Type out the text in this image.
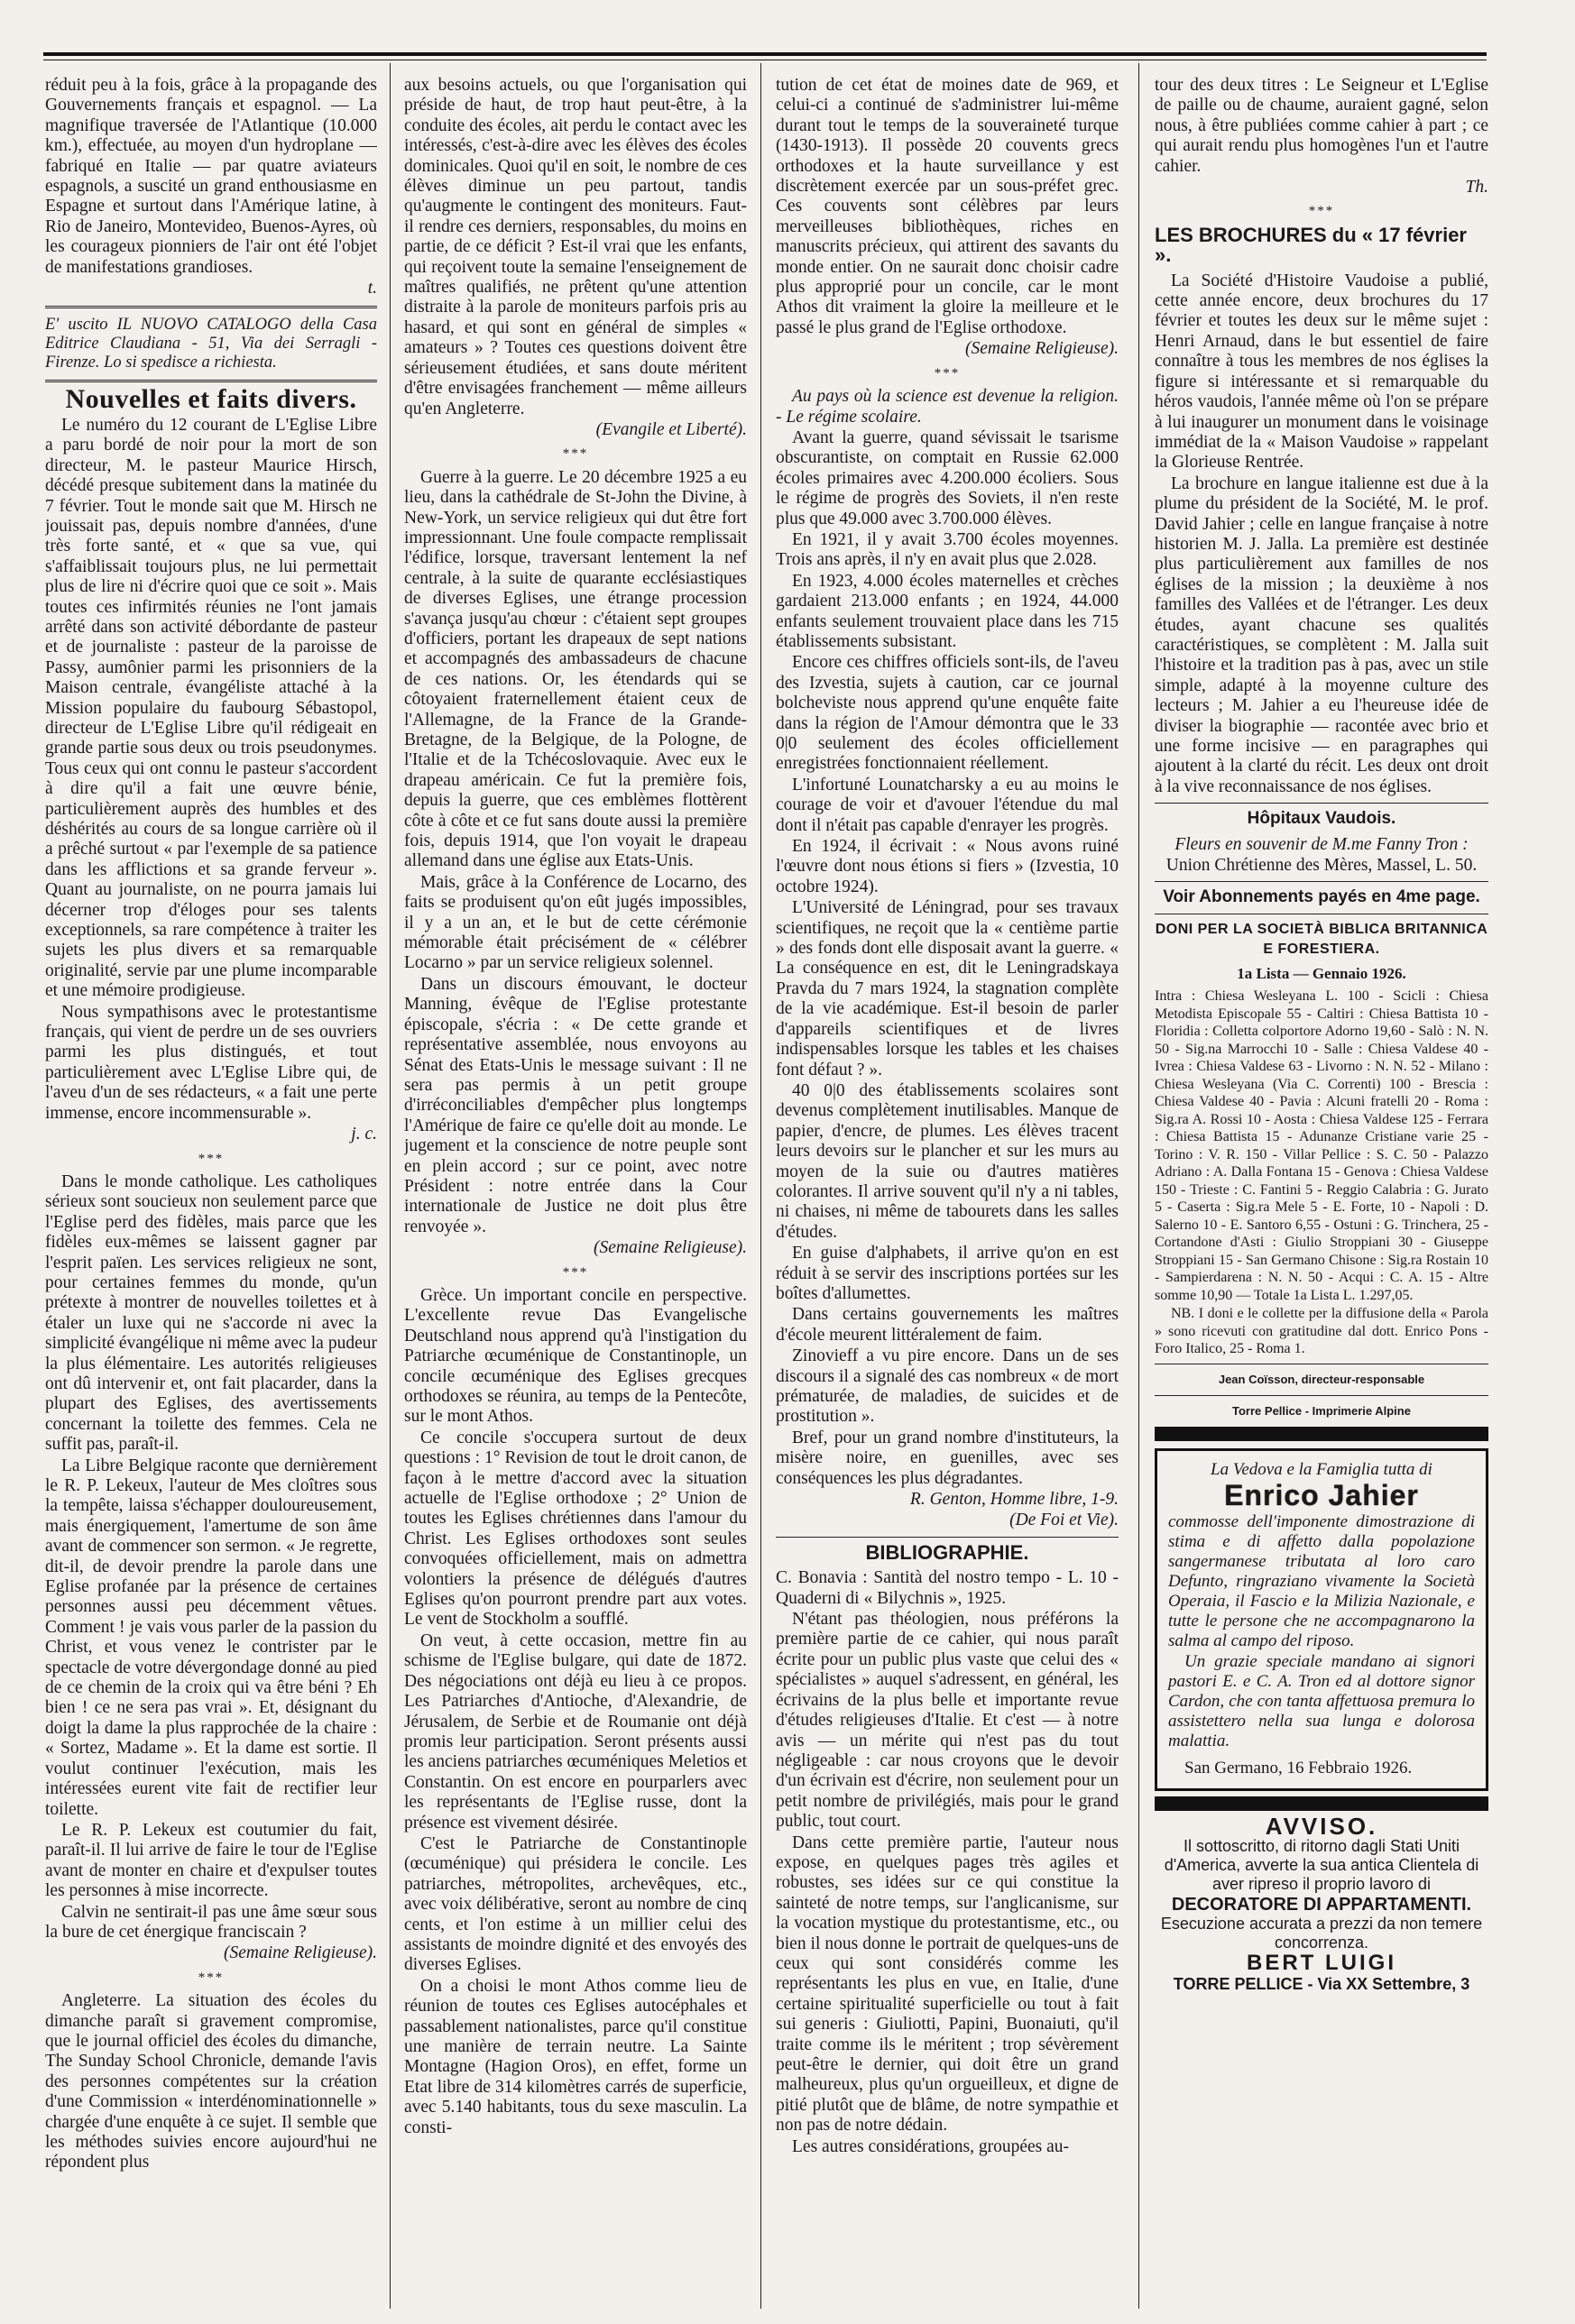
réduit peu à la fois, grâce à la propagande des Gouvernements français et espagnol. — La magnifique traversée de l'Atlantique (10.000 km.), effectuée, au moyen d'un hydroplane — fabriqué en Italie — par quatre aviateurs espagnols, a suscité un grand enthousiasme en Espagne et surtout dans l'Amérique latine, à Rio de Janeiro, Montevideo, Buenos-Ayres, où les courageux pionniers de l'air ont été l'objet de manifestations grandioses.

t.

E' uscito IL NUOVO CATALOGO della Casa Editrice Claudiana - 51, Via dei Serragli - Firenze. Lo si spedisce a richiesta.

Nouvelles et faits divers.

Le numéro du 12 courant de L'Eglise Libre a paru bordé de noir pour la mort de son directeur, M. le pasteur Maurice Hirsch, décédé presque subitement dans la matinée du 7 février. Tout le monde sait que M. Hirsch ne jouissait pas, depuis nombre d'années, d'une très forte santé, et « que sa vue, qui s'affaiblissait toujours plus, ne lui permettait plus de lire ni d'écrire quoi que ce soit ». Mais toutes ces infirmités réunies ne l'ont jamais arrêté dans son activité débordante de pasteur et de journaliste : pasteur de la paroisse de Passy, aumônier parmi les prisonniers de la Maison centrale, évangéliste attaché à la Mission populaire du faubourg Sébastopol, directeur de L'Eglise Libre qu'il rédigeait en grande partie sous deux ou trois pseudonymes. Tous ceux qui ont connu le pasteur s'accordent à dire qu'il a fait une œuvre bénie, particulièrement auprès des humbles et des déshérités au cours de sa longue carrière où il a prêché surtout « par l'exemple de sa patience dans les afflictions et sa grande ferveur ». Quant au journaliste, on ne pourra jamais lui décerner trop d'éloges pour ses talents exceptionnels, sa rare compétence à traiter les sujets les plus divers et sa remarquable originalité, servie par une plume incomparable et une mémoire prodigieuse.

Nous sympathisons avec le protestantisme français, qui vient de perdre un de ses ouvriers parmi les plus distingués, et tout particulièrement avec L'Eglise Libre qui, de l'aveu d'un de ses rédacteurs, « a fait une perte immense, encore incommensurable ».

j. c.

***

Dans le monde catholique. Les catholiques sérieux sont soucieux non seulement parce que l'Eglise perd des fidèles, mais parce que les fidèles eux-mêmes se laissent gagner par l'esprit païen. Les services religieux ne sont, pour certaines femmes du monde, qu'un prétexte à montrer de nouvelles toilettes et à étaler un luxe qui ne s'accorde ni avec la simplicité évangélique ni même avec la pudeur la plus élémentaire. Les autorités religieuses ont dû intervenir et, ont fait placarder, dans la plupart des Eglises, des avertissements concernant la toilette des femmes. Cela ne suffit pas, paraît-il.

La Libre Belgique raconte que dernièrement le R. P. Lekeux, l'auteur de Mes cloîtres sous la tempête, laissa s'échapper douloureusement, mais énergiquement, l'amertume de son âme avant de commencer son sermon. « Je regrette, dit-il, de devoir prendre la parole dans une Eglise profanée par la présence de certaines personnes aussi peu décemment vêtues. Comment ! je vais vous parler de la passion du Christ, et vous venez le contrister par le spectacle de votre dévergondage donné au pied de ce chemin de la croix qui va être béni ? Eh bien ! ce ne sera pas vrai ». Et, désignant du doigt la dame la plus rapprochée de la chaire : « Sortez, Madame ». Et la dame est sortie. Il voulut continuer l'exécution, mais les intéressées eurent vite fait de rectifier leur toilette.

Le R. P. Lekeux est coutumier du fait, paraît-il. Il lui arrive de faire le tour de l'Eglise avant de monter en chaire et d'expulser toutes les personnes à mise incorrecte.

Calvin ne sentirait-il pas une âme sœur sous la bure de cet énergique franciscain ?

(Semaine Religieuse).

***

Angleterre. La situation des écoles du dimanche paraît si gravement compromise, que le journal officiel des écoles du dimanche, The Sunday School Chronicle, demande l'avis des personnes compétentes sur la création d'une Commission « interdénominationnelle » chargée d'une enquête à ce sujet. Il semble que les méthodes suivies encore aujourd'hui ne répondent plus

aux besoins actuels, ou que l'organisation qui préside de haut, de trop haut peut-être, à la conduite des écoles, ait perdu le contact avec les intéressés, c'est-à-dire avec les élèves des écoles dominicales. Quoi qu'il en soit, le nombre de ces élèves diminue un peu partout, tandis qu'augmente le contingent des moniteurs. Faut-il rendre ces derniers, responsables, du moins en partie, de ce déficit ? Est-il vrai que les enfants, qui reçoivent toute la semaine l'enseignement de maîtres qualifiés, ne prêtent qu'une attention distraite à la parole de moniteurs parfois pris au hasard, et qui sont en général de simples « amateurs » ? Toutes ces questions doivent être sérieusement étudiées, et sans doute méritent d'être envisagées franchement — même ailleurs qu'en Angleterre.

(Evangile et Liberté).

***

Guerre à la guerre. Le 20 décembre 1925 a eu lieu, dans la cathédrale de St-John the Divine, à New-York, un service religieux qui dut être fort impressionnant. Une foule compacte remplissait l'édifice, lorsque, traversant lentement la nef centrale, à la suite de quarante ecclésiastiques de diverses Eglises, une étrange procession s'avança jusqu'au chœur : c'étaient sept groupes d'officiers, portant les drapeaux de sept nations et accompagnés des ambassadeurs de chacune de ces nations. Or, les étendards qui se côtoyaient fraternellement étaient ceux de l'Allemagne, de la France de la Grande-Bretagne, de la Belgique, de la Pologne, de l'Italie et de la Tchécoslovaquie. Avec eux le drapeau américain. Ce fut la première fois, depuis la guerre, que ces emblèmes flottèrent côte à côte et ce fut sans doute aussi la première fois, depuis 1914, que l'on voyait le drapeau allemand dans une église aux Etats-Unis.

Mais, grâce à la Conférence de Locarno, des faits se produisent qu'on eût jugés impossibles, il y a un an, et le but de cette cérémonie mémorable était précisément de « célébrer Locarno » par un service religieux solennel.

Dans un discours émouvant, le docteur Manning, évêque de l'Eglise protestante épiscopale, s'écria : « De cette grande et représentative assemblée, nous envoyons au Sénat des Etats-Unis le message suivant : Il ne sera pas permis à un petit groupe d'irréconciliables d'empêcher plus longtemps l'Amérique de faire ce qu'elle doit au monde. Le jugement et la conscience de notre peuple sont en plein accord ; sur ce point, avec notre Président : notre entrée dans la Cour internationale de Justice ne doit plus être renvoyée ».

(Semaine Religieuse).

***

Grèce. Un important concile en perspective. L'excellente revue Das Evangelische Deutschland nous apprend qu'à l'instigation du Patriarche œcuménique de Constantinople, un concile œcuménique des Eglises grecques orthodoxes se réunira, au temps de la Pentecôte, sur le mont Athos.

Ce concile s'occupera surtout de deux questions : 1° Revision de tout le droit canon, de façon à le mettre d'accord avec la situation actuelle de l'Eglise orthodoxe ; 2° Union de toutes les Eglises chrétiennes dans l'amour du Christ. Les Eglises orthodoxes sont seules convoquées officiellement, mais on admettra volontiers la présence de délégués d'autres Eglises qu'on pourront prendre part aux votes. Le vent de Stockholm a soufflé.

On veut, à cette occasion, mettre fin au schisme de l'Eglise bulgare, qui date de 1872. Des négociations ont déjà eu lieu à ce propos. Les Patriarches d'Antioche, d'Alexandrie, de Jérusalem, de Serbie et de Roumanie ont déjà promis leur participation. Seront présents aussi les anciens patriarches œcuméniques Meletios et Constantin. On est encore en pourparlers avec les représentants de l'Eglise russe, dont la présence est vivement désirée.

C'est le Patriarche de Constantinople (œcuménique) qui présidera le concile. Les patriarches, métropolites, archevêques, etc., avec voix délibérative, seront au nombre de cinq cents, et l'on estime à un millier celui des assistants de moindre dignité et des envoyés des diverses Eglises.

On a choisi le mont Athos comme lieu de réunion de toutes ces Eglises autocéphales et passablement nationalistes, parce qu'il constitue une manière de terrain neutre. La Sainte Montagne (Hagion Oros), en effet, forme un Etat libre de 314 kilomètres carrés de superficie, avec 5.140 habitants, tous du sexe masculin. La consti-

tution de cet état de moines date de 969, et celui-ci a continué de s'administrer lui-même durant tout le temps de la souveraineté turque (1430-1913). Il possède 20 couvents grecs orthodoxes et la haute surveillance y est discrètement exercée par un sous-préfet grec. Ces couvents sont célèbres par leurs merveilleuses bibliothèques, riches en manuscrits précieux, qui attirent des savants du monde entier. On ne saurait donc choisir cadre plus approprié pour un concile, car le mont Athos dit vraiment la gloire la meilleure et le passé le plus grand de l'Eglise orthodoxe.

(Semaine Religieuse).

***

Au pays où la science est devenue la religion. - Le régime scolaire.

Avant la guerre, quand sévissait le tsarisme obscurantiste, on comptait en Russie 62.000 écoles primaires avec 4.200.000 écoliers. Sous le régime de progrès des Soviets, il n'en reste plus que 49.000 avec 3.700.000 élèves.

En 1921, il y avait 3.700 écoles moyennes. Trois ans après, il n'y en avait plus que 2.028.

En 1923, 4.000 écoles maternelles et crèches gardaient 213.000 enfants ; en 1924, 44.000 enfants seulement trouvaient place dans les 715 établissements subsistant.

Encore ces chiffres officiels sont-ils, de l'aveu des Izvestia, sujets à caution, car ce journal bolcheviste nous apprend qu'une enquête faite dans la région de l'Amour démontra que le 33 0|0 seulement des écoles officiellement enregistrées fonctionnaient réellement.

L'infortuné Lounatcharsky a eu au moins le courage de voir et d'avouer l'étendue du mal dont il n'était pas capable d'enrayer les progrès.

En 1924, il écrivait : « Nous avons ruiné l'œuvre dont nous étions si fiers » (Izvestia, 10 octobre 1924).

L'Université de Léningrad, pour ses travaux scientifiques, ne reçoit que la « centième partie » des fonds dont elle disposait avant la guerre. « La conséquence en est, dit le Leningradskaya Pravda du 7 mars 1924, la stagnation complète de la vie académique. Est-il besoin de parler d'appareils scientifiques et de livres indispensables lorsque les tables et les chaises font défaut ? ».

40 0|0 des établissements scolaires sont devenus complètement inutilisables. Manque de papier, d'encre, de plumes. Les élèves tracent leurs devoirs sur le plancher et sur les murs au moyen de la suie ou d'autres matières colorantes. Il arrive souvent qu'il n'y a ni tables, ni chaises, ni même de tabourets dans les salles d'études.

En guise d'alphabets, il arrive qu'on en est réduit à se servir des inscriptions portées sur les boîtes d'allumettes.

Dans certains gouvernements les maîtres d'école meurent littéralement de faim.

Zinovieff a vu pire encore. Dans un de ses discours il a signalé des cas nombreux « de mort prématurée, de maladies, de suicides et de prostitution ».

Bref, pour un grand nombre d'instituteurs, la misère noire, en guenilles, avec ses conséquences les plus dégradantes.

R. Genton, Homme libre, 1-9.

(De Foi et Vie).

BIBLIOGRAPHIE.

C. Bonavia : Santità del nostro tempo - L. 10 - Quaderni di « Bilychnis », 1925.

N'étant pas théologien, nous préférons la première partie de ce cahier, qui nous paraît écrite pour un public plus vaste que celui des « spécialistes » auquel s'adressent, en général, les écrivains de la plus belle et importante revue d'études religieuses d'Italie. Et c'est — à notre avis — un mérite qui n'est pas du tout négligeable : car nous croyons que le devoir d'un écrivain est d'écrire, non seulement pour un petit nombre de privilégiés, mais pour le grand public, tout court.

Dans cette première partie, l'auteur nous expose, en quelques pages très agiles et robustes, ses idées sur ce qui constitue la sainteté de notre temps, sur l'anglicanisme, sur la vocation mystique du protestantisme, etc., ou bien il nous donne le portrait de quelques-uns de ceux qui sont considérés comme les représentants les plus en vue, en Italie, d'une certaine spiritualité superficielle ou tout à fait sui generis : Giuliotti, Papini, Buonaiuti, qu'il traite comme ils le méritent ; trop sévèrement peut-être le dernier, qui doit être un grand malheureux, plus qu'un orgueilleux, et digne de pitié plutôt que de blâme, de notre sympathie et non pas de notre dédain.

Les autres considérations, groupées au-

tour des deux titres : Le Seigneur et L'Eglise de paille ou de chaume, auraient gagné, selon nous, à être publiées comme cahier à part ; ce qui aurait rendu plus homogènes l'un et l'autre cahier.

Th.

***
LES BROCHURES du « 17 février ».

La Société d'Histoire Vaudoise a publié, cette année encore, deux brochures du 17 février et toutes les deux sur le même sujet : Henri Arnaud, dans le but essentiel de faire connaître à tous les membres de nos églises la figure si intéressante et si remarquable du héros vaudois, l'année même où l'on se prépare à lui inaugurer un monument dans le voisinage immédiat de la « Maison Vaudoise » rappelant la Glorieuse Rentrée.

La brochure en langue italienne est due à la plume du président de la Société, M. le prof. David Jahier ; celle en langue française à notre historien M. J. Jalla. La première est destinée plus particulièrement aux familles de nos églises de la mission ; la deuxième à nos familles des Vallées et de l'étranger. Les deux études, ayant chacune ses qualités caractéristiques, se complètent : M. Jalla suit l'histoire et la tradition pas à pas, avec un stile simple, adapté à la moyenne culture des lecteurs ; M. Jahier a eu l'heureuse idée de diviser la biographie — racontée avec brio et une forme incisive — en paragraphes qui ajoutent à la clarté du récit. Les deux ont droit à la vive reconnaissance de nos églises.

Hôpitaux Vaudois.

Fleurs en souvenir de M.me Fanny Tron :

Union Chrétienne des Mères, Massel, L. 50.

Voir Abonnements payés en 4me page.
DONI PER LA SOCIETÀ BIBLICA BRITANNICA E FORESTIERA.
1a Lista — Gennaio 1926.

Intra : Chiesa Wesleyana L. 100 - Scicli : Chiesa Metodista Episcopale 55 - Caltiri : Chiesa Battista 10 - Floridia : Colletta colportore Adorno 19,60 - Salò : N. N. 50 - Sig.na Marrocchi 10 - Salle : Chiesa Valdese 40 - Ivrea : Chiesa Valdese 63 - Livorno : N. N. 52 - Milano : Chiesa Wesleyana (Via C. Correnti) 100 - Brescia : Chiesa Valdese 40 - Pavia : Alcuni fratelli 20 - Roma : Sig.ra A. Rossi 10 - Aosta : Chiesa Valdese 125 - Ferrara : Chiesa Battista 15 - Adunanze Cristiane varie 25 - Torino : V. R. 150 - Villar Pellice : S. C. 50 - Palazzo Adriano : A. Dalla Fontana 15 - Genova : Chiesa Valdese 150 - Trieste : C. Fantini 5 - Reggio Calabria : G. Jurato 5 - Caserta : Sig.ra Mele 5 - E. Forte, 10 - Napoli : D. Salerno 10 - E. Santoro 6,55 - Ostuni : G. Trinchera, 25 - Cortandone d'Asti : Giulio Stroppiani 30 - Giuseppe Stroppiani 15 - San Germano Chisone : Sig.ra Rostain 10 - Sampierdarena : N. N. 50 - Acqui : C. A. 15 - Altre somme 10,90 — Totale 1a Lista L. 1.297,05.

NB. I doni e le collette per la diffusione della « Parola » sono ricevuti con gratitudine dal dott. Enrico Pons - Foro Italico, 25 - Roma 1.

Jean Coïsson, directeur-responsable
Torre Pellice - Imprimerie Alpine

La Vedova e la Famiglia tutta di

Enrico Jahier

commosse dell'imponente dimostrazione di stima e di affetto dalla popolazione sangermanese tributata al loro caro Defunto, ringraziano vivamente la Società Operaia, il Fascio e la Milizia Nazionale, e tutte le persone che ne accompagnarono la salma al campo del riposo.

Un grazie speciale mandano ai signori pastori E. e C. A. Tron ed al dottore signor Cardon, che con tanta affettuosa premura lo assistettero nella sua lunga e dolorosa malattia.

San Germano, 16 Febbraio 1926.

AVVISO.

Il sottoscritto, di ritorno dagli Stati Uniti d'America, avverte la sua antica Clientela di aver ripreso il proprio lavoro di

DECORATORE DI APPARTAMENTI.

Esecuzione accurata a prezzi da non temere concorrenza.

BERT LUIGI
TORRE PELLICE - Via XX Settembre, 3
